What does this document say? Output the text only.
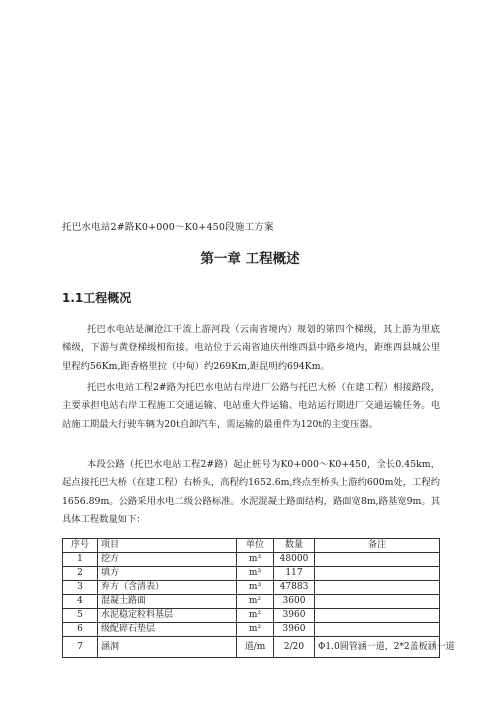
托巴水电站2#路K0+000～K0+450段施工方案
第一章 工程概述
1.1工程概况
托巴水电站是澜沧江干流上游河段（云南省境内）规划的第四个梯级，其上游为里底梯级，下游与黄登梯级相衔接。电站位于云南省迪庆州维西县中路乡境内，距维西县城公里里程约56Km,距香格里拉（中甸）约269Km,距昆明约694Km。
托巴水电站工程2#路为托巴水电站右岸进厂公路与托巴大桥（在建工程）相接路段，主要承担电站右岸工程施工交通运输、电站重大件运输、电站运行期进厂交通运输任务。电站施工期最大行驶车辆为20t自卸汽车，需运输的最重件为120t的主变压器。
本段公路（托巴水电站工程2#路）起止桩号为K0+000～K0+450，全长0.45km，起点接托巴大桥（在建工程）右桥头，高程约1652.6m,终点至桥头上游约600m处，工程约1656.89m。公路采用水电二级公路标准。水泥混凝土路面结构，路面宽8m,路基宽9m。其具体工程数量如下：
序号	项目	单位	数量	备注
1	挖方	m³	48000	
2	填方	m³	117	
3	弃方（含清表）	m³	47883	
4	混凝土路面	m²	3600	
5	水泥稳定粒料基层	m²	3960	
6	级配碎石垫层	m²	3960	
7	涵洞	道/m	2/20	Φ1.0圆管涵一道，2*2盖板涵一道
